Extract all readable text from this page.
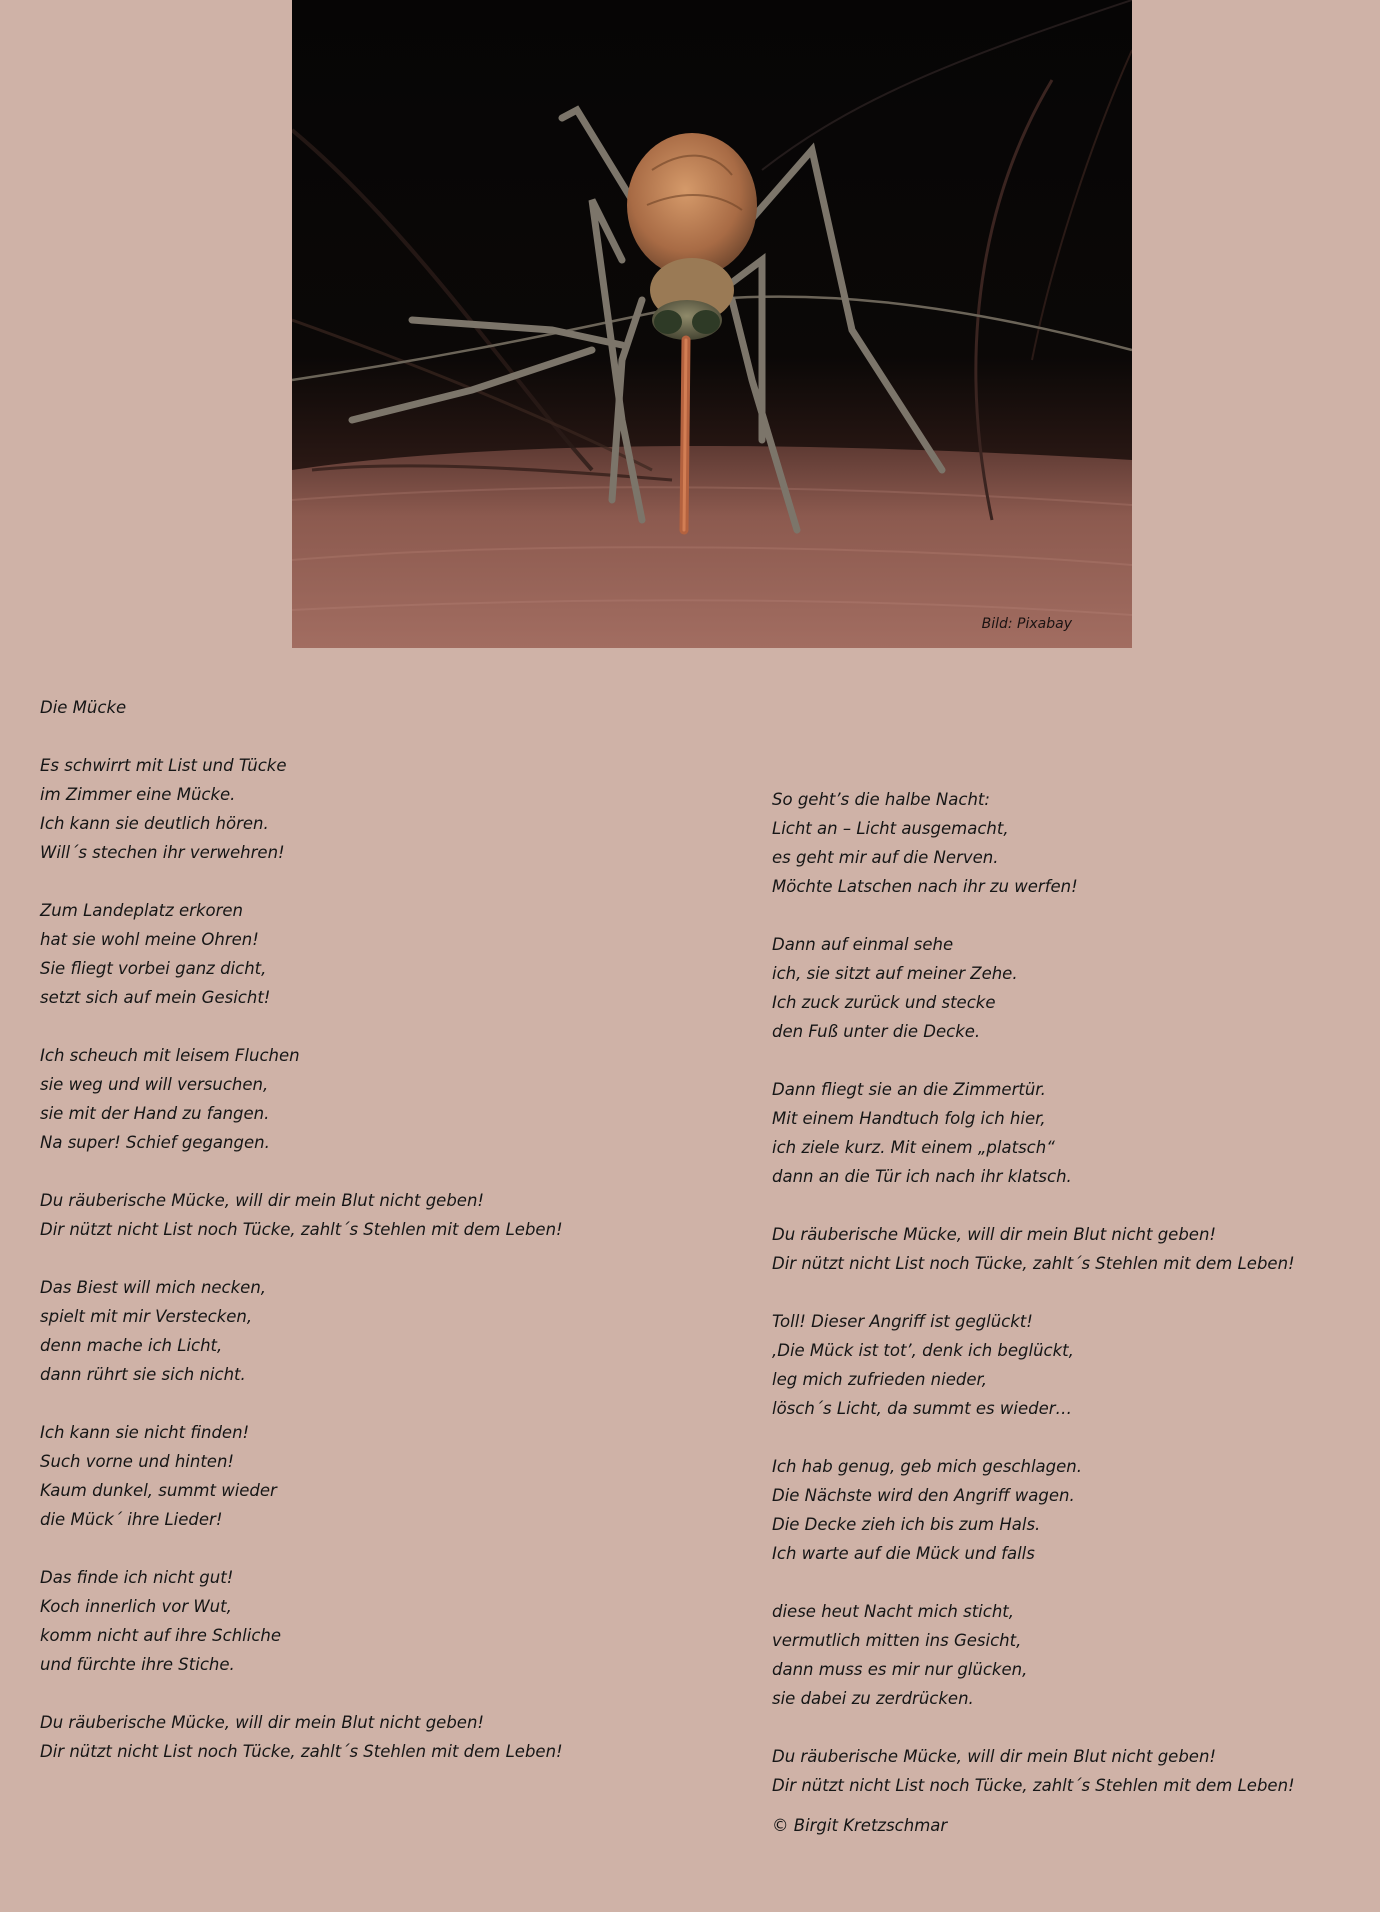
Bild: Pixabay
Die Mücke
Es schwirrt mit List und Tücke
im Zimmer eine Mücke.
Ich kann sie deutlich hören.
Will´s stechen ihr verwehren!
Zum Landeplatz erkoren
hat sie wohl meine Ohren!
Sie fliegt vorbei ganz dicht,
setzt sich auf mein Gesicht!
Ich scheuch mit leisem Fluchen
sie weg und will versuchen,
sie mit der Hand zu fangen.
Na super! Schief gegangen.
Du räuberische Mücke, will dir mein Blut nicht geben!
Dir nützt nicht List noch Tücke, zahlt´s Stehlen mit dem Leben!
Das Biest will mich necken,
spielt mit mir Verstecken,
denn mache ich Licht,
dann rührt sie sich nicht.
Ich kann sie nicht finden!
Such vorne und hinten!
Kaum dunkel, summt wieder
die Mück´ ihre Lieder!
Das finde ich nicht gut!
Koch innerlich vor Wut,
komm nicht auf ihre Schliche
und fürchte ihre Stiche.
Du räuberische Mücke, will dir mein Blut nicht geben!
Dir nützt nicht List noch Tücke, zahlt´s Stehlen mit dem Leben!
So geht’s die halbe Nacht:
Licht an – Licht ausgemacht,
es geht mir auf die Nerven.
Möchte Latschen nach ihr zu werfen!
Dann auf einmal sehe
ich, sie sitzt auf meiner Zehe.
Ich zuck zurück und stecke
den Fuß unter die Decke.
Dann fliegt sie an die Zimmertür.
Mit einem Handtuch folg ich hier,
ich ziele kurz. Mit einem „platsch“
dann an die Tür ich nach ihr klatsch.
Du räuberische Mücke, will dir mein Blut nicht geben!
Dir nützt nicht List noch Tücke, zahlt´s Stehlen mit dem Leben!
Toll! Dieser Angriff ist geglückt!
‚Die Mück ist tot’, denk ich beglückt,
leg mich zufrieden nieder,
lösch´s Licht, da summt es wieder…
Ich hab genug, geb mich geschlagen.
Die Nächste wird den Angriff wagen.
Die Decke zieh ich bis zum Hals.
Ich warte auf die Mück und falls
diese heut Nacht mich sticht,
vermutlich mitten ins Gesicht,
dann muss es mir nur glücken,
sie dabei zu zerdrücken.
Du räuberische Mücke, will dir mein Blut nicht geben!
Dir nützt nicht List noch Tücke, zahlt´s Stehlen mit dem Leben!
© Birgit Kretzschmar
